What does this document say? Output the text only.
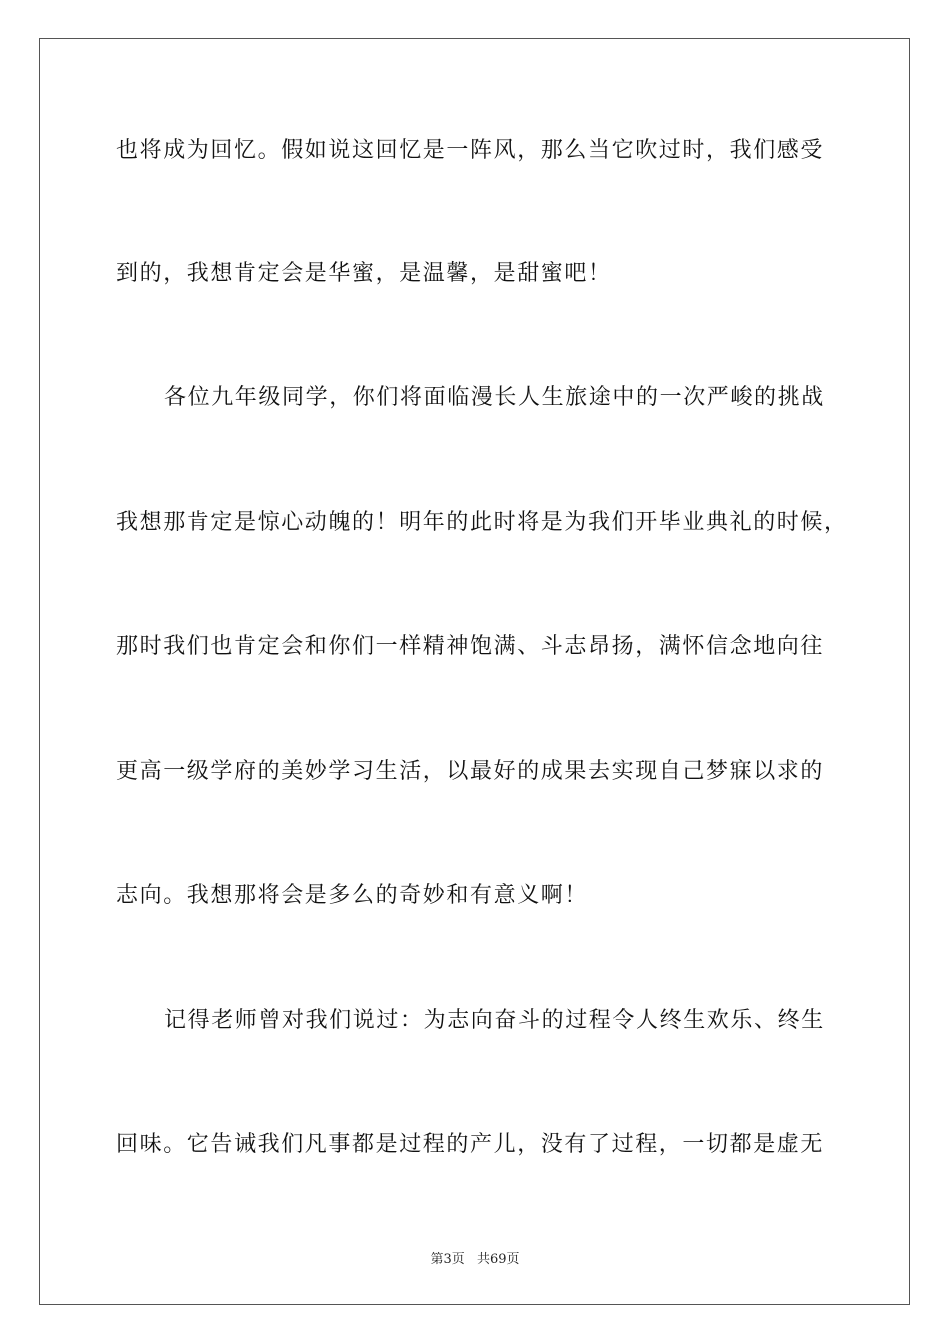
也将成为回忆。假如说这回忆是一阵风，那么当它吹过时，我们感受
到的，我想肯定会是华蜜，是温馨，是甜蜜吧！
各位九年级同学，你们将面临漫长人生旅途中的一次严峻的挑战
我想那肯定是惊心动魄的！明年的此时将是为我们开毕业典礼的时候，
那时我们也肯定会和你们一样精神饱满、斗志昂扬，满怀信念地向往
更高一级学府的美妙学习生活，以最好的成果去实现自己梦寐以求的
志向。我想那将会是多么的奇妙和有意义啊！
记得老师曾对我们说过：为志向奋斗的过程令人终生欢乐、终生
回味。它告诫我们凡事都是过程的产儿，没有了过程，一切都是虚无
第3页 共69页
